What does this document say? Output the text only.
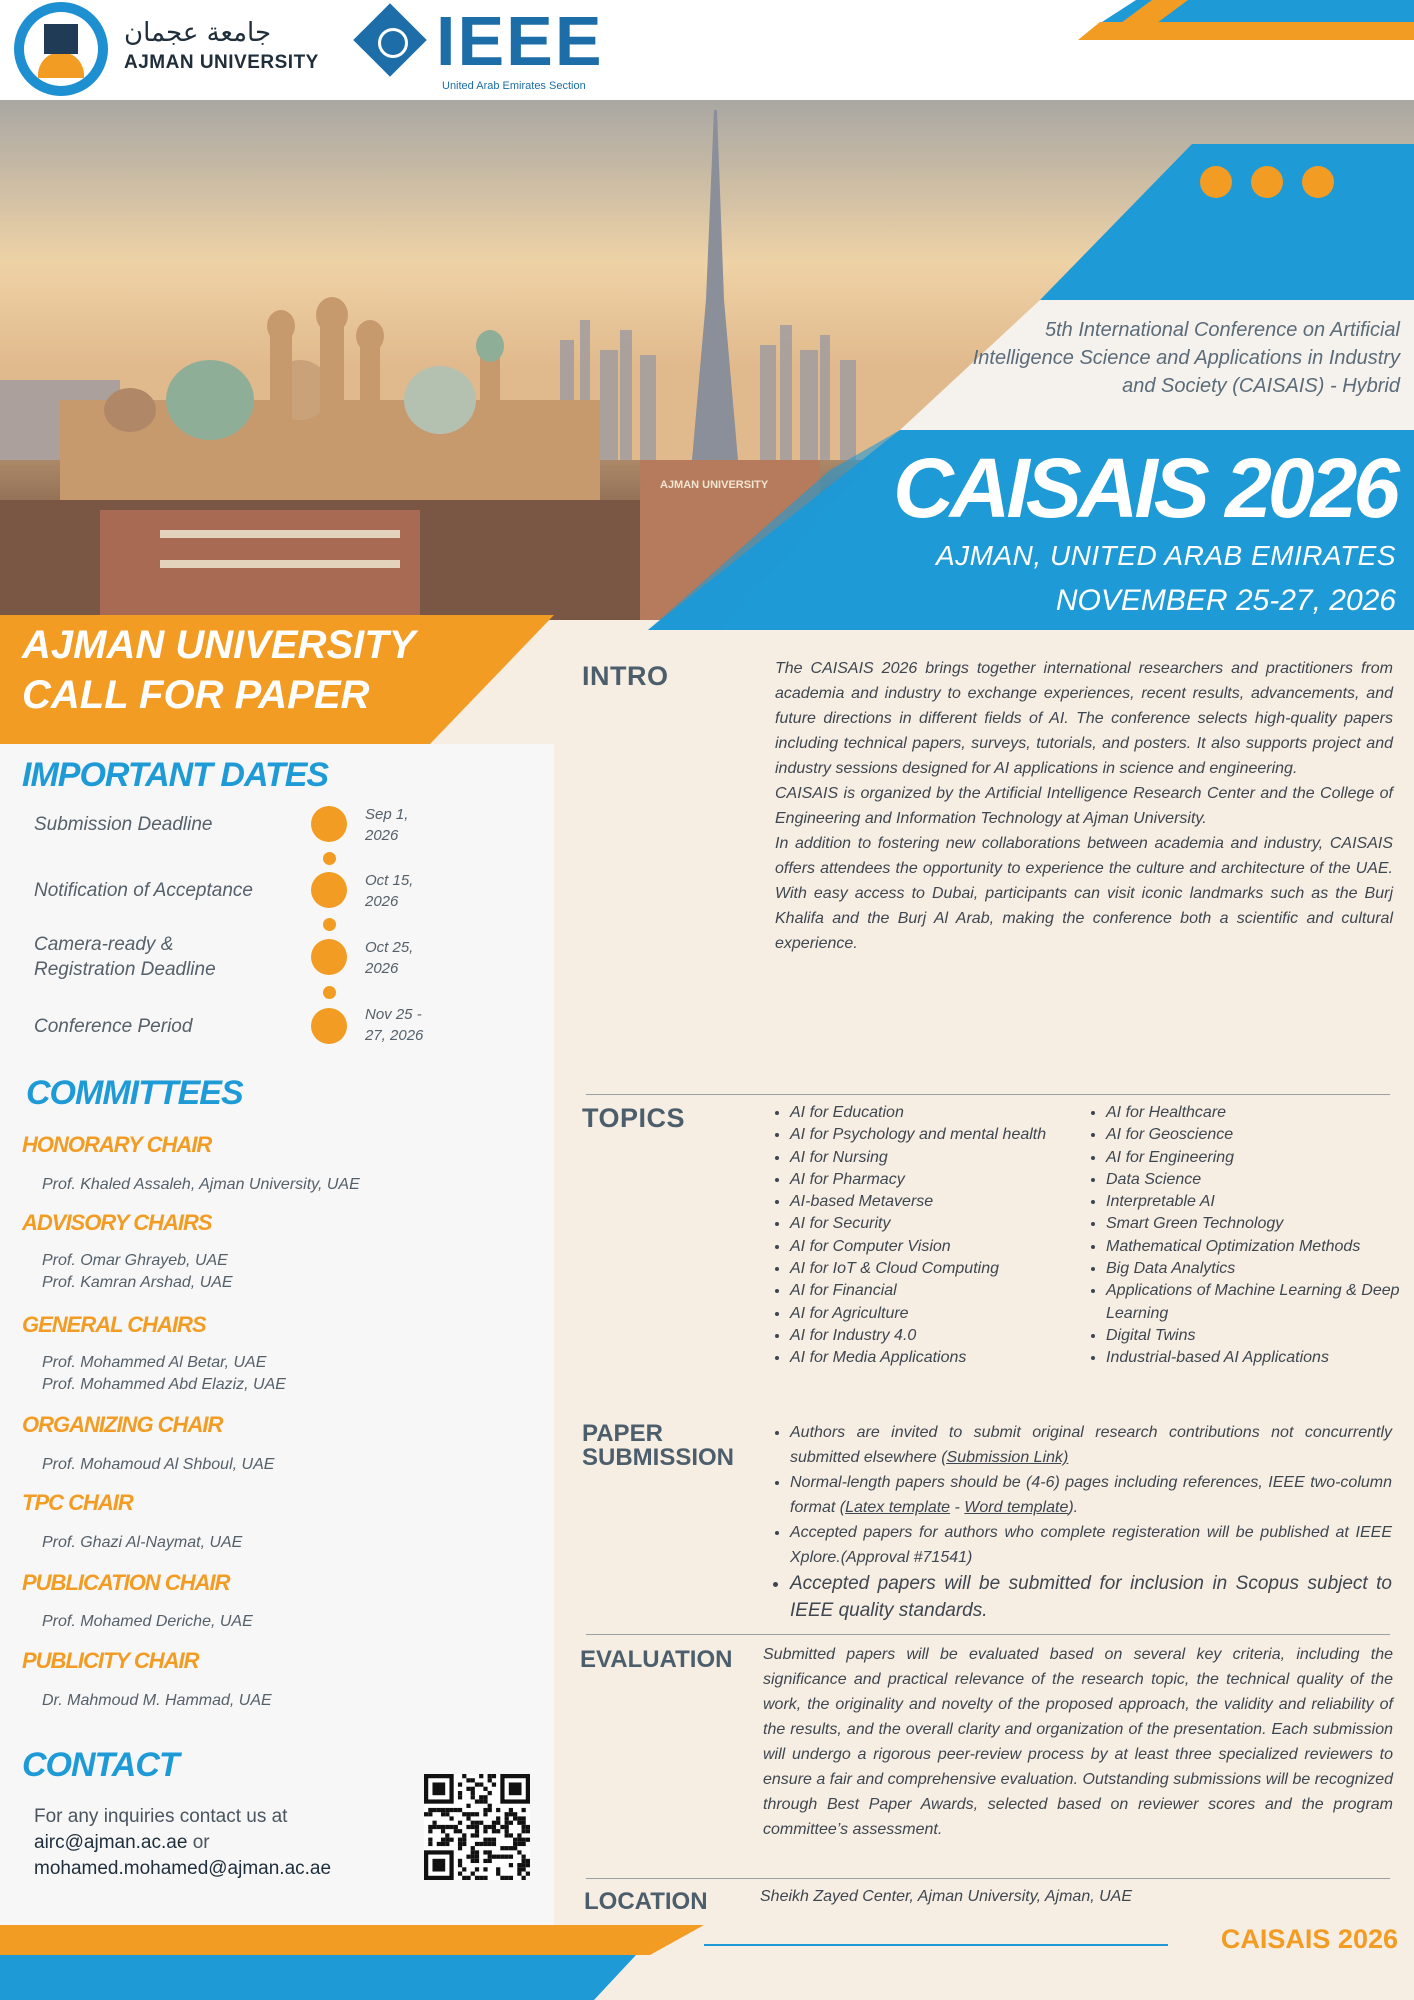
جامعة عجمان
AJMAN UNIVERSITY IEEE
United Arab Emirates Section
AJMAN UNIVERSITY
5th International Conference on Artificial Intelligence Science and Applications in Industry and Society (CAISAIS) - Hybrid
CAISAIS 2026
AJMAN, UNITED ARAB EMIRATES
NOVEMBER 25-27, 2026
AJMAN UNIVERSITY
CALL FOR PAPER
IMPORTANT DATES
Submission Deadline	Sep 1,
2026
Notification of Acceptance	Oct 15,
2026
Camera-ready &
Registration Deadline
Oct 25,
2026
Conference Period
Nov 25 -
27, 2026
COMMITTEES
HONORARY CHAIR
Prof. Khaled Assaleh, Ajman University, UAE
ADVISORY CHAIRS
Prof. Omar Ghrayeb, UAE
Prof. Kamran Arshad, UAE
GENERAL CHAIRS
Prof. Mohammed Al Betar, UAE
Prof. Mohammed Abd Elaziz, UAE
ORGANIZING CHAIR
Prof. Mohamoud Al Shboul, UAE
TPC CHAIR
Prof. Ghazi Al-Naymat, UAE
PUBLICATION CHAIR
Prof. Mohamed Deriche, UAE
PUBLICITY CHAIR
Dr. Mahmoud M. Hammad, UAE
CONTACT
For any inquiries contact us at
airc@ajman.ac.ae or
mohamed.mohamed@ajman.ac.ae
INTRO	The CAISAIS 2026 brings together international researchers and practitioners from academia and industry to exchange experiences, recent results, advancements, and future directions in different fields of AI. The conference selects high-quality papers including technical papers, surveys, tutorials, and posters. It also supports project and industry sessions designed for AI applications in science and engineering.
CAISAIS is organized by the Artificial Intelligence Research Center and the College of Engineering and Information Technology at Ajman University.
In addition to fostering new collaborations between academia and industry, CAISAIS offers attendees the opportunity to experience the culture and architecture of the UAE. With easy access to Dubai, participants can visit iconic landmarks such as the Burj Khalifa and the Burj Al Arab, making the conference both a scientific and cultural experience.
TOPICS
•	AI for Education
• AI for Psychology and mental health
• AI for Nursing
• AI for Pharmacy
• AI-based Metaverse
• AI for Security
• AI for Computer Vision
• AI for IoT & Cloud Computing
• AI for Financial
• AI for Agriculture
• AI for Industry 4.0
• AI for Media Applications
• AI for Healthcare
• AI for Geoscience
• AI for Engineering
• Data Science
• Interpretable AI
• Smart Green Technology
• Mathematical Optimization Methods
• Big Data Analytics
• Applications of Machine Learning & Deep Learning
• Digital Twins
• Industrial-based AI Applications
PAPER
SUBMISSION
• Authors are invited to submit original research contributions not concurrently submitted elsewhere (Submission Link)
• Normal-length papers should be (4-6) pages including references, IEEE two-column format (Latex template - Word template).
• Accepted papers for authors who complete registeration will be published at IEEE Xplore.(Approval #71541)
• Accepted papers will be submitted for inclusion in Scopus subject to IEEE quality standards.
EVALUATION Submitted papers will be evaluated based on several key criteria, including the significance and practical relevance of the research topic, the technical quality of the work, the originality and novelty of the proposed approach, the validity and reliability of the results, and the overall clarity and organization of the presentation. Each submission will undergo a rigorous peer-review process by at least three specialized reviewers to ensure a fair and comprehensive evaluation. Outstanding submissions will be recognized through Best Paper Awards, selected based on reviewer scores and the program committee’s assessment.
LOCATION	Sheikh Zayed Center, Ajman University, Ajman, UAE
CAISAIS 2026
